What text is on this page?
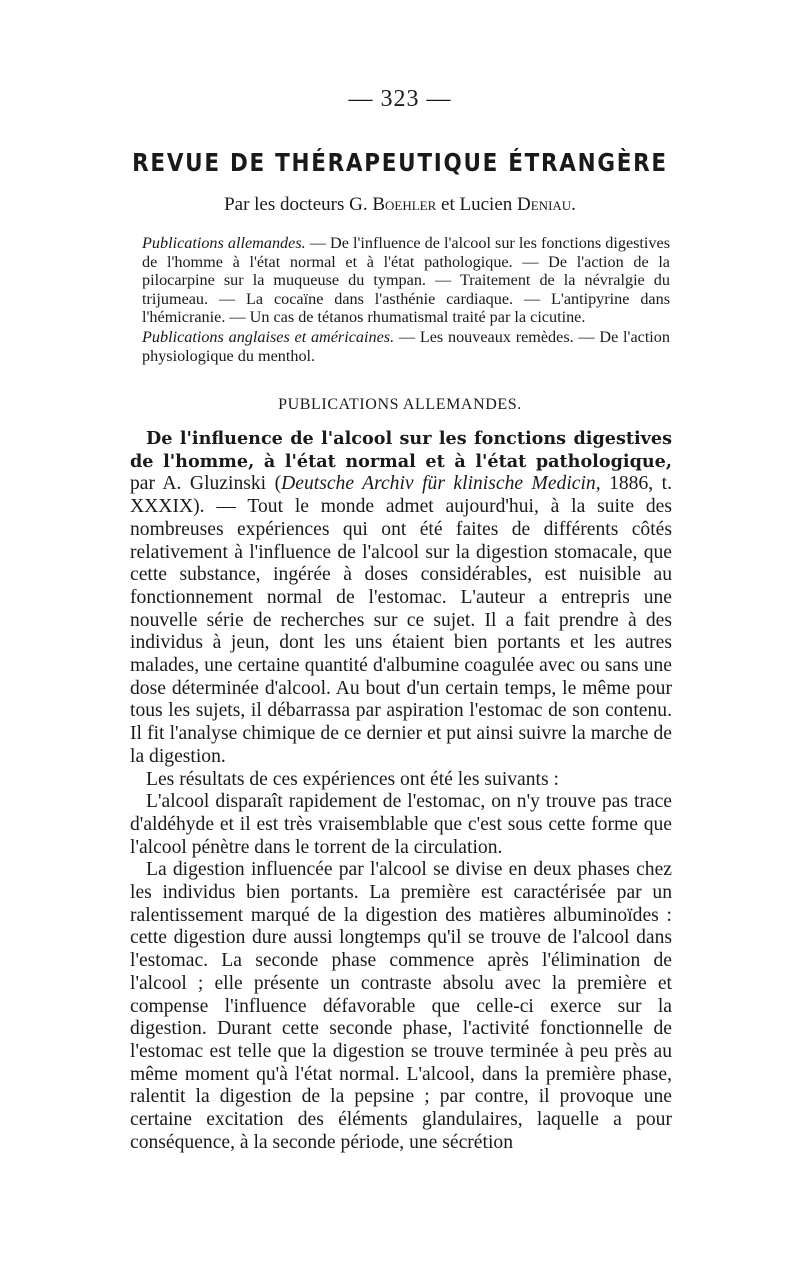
— 323 —
REVUE DE THÉRAPEUTIQUE ÉTRANGÈRE
Par les docteurs G. Boehler et Lucien Deniau.

Publications allemandes. — De l'influence de l'alcool sur les fonctions digestives de l'homme à l'état normal et à l'état pathologique. — De l'action de la pilocarpine sur la muqueuse du tympan. — Traitement de la névralgie du trijumeau. — La cocaïne dans l'asthénie cardiaque. — L'antipyrine dans l'hémicranie. — Un cas de tétanos rhumatismal traité par la cicutine.

Publications anglaises et américaines. — Les nouveaux remèdes. — De l'action physiologique du menthol.

PUBLICATIONS ALLEMANDES.

De l'influence de l'alcool sur les fonctions digestives de l'homme, à l'état normal et à l'état pathologique, par A. Gluzinski (Deutsche Archiv für klinische Medicin, 1886, t. XXXIX). — Tout le monde admet aujourd'hui, à la suite des nombreuses expériences qui ont été faites de différents côtés relativement à l'influence de l'alcool sur la digestion stomacale, que cette substance, ingérée à doses considérables, est nuisible au fonctionnement normal de l'estomac. L'auteur a entrepris une nouvelle série de recherches sur ce sujet. Il a fait prendre à des individus à jeun, dont les uns étaient bien portants et les autres malades, une certaine quantité d'albumine coagulée avec ou sans une dose déterminée d'alcool. Au bout d'un certain temps, le même pour tous les sujets, il débarrassa par aspiration l'estomac de son contenu. Il fit l'analyse chimique de ce dernier et put ainsi suivre la marche de la digestion.

Les résultats de ces expériences ont été les suivants :

L'alcool disparaît rapidement de l'estomac, on n'y trouve pas trace d'aldéhyde et il est très vraisemblable que c'est sous cette forme que l'alcool pénètre dans le torrent de la circulation.

La digestion influencée par l'alcool se divise en deux phases chez les individus bien portants. La première est caractérisée par un ralentissement marqué de la digestion des matières albuminoïdes : cette digestion dure aussi longtemps qu'il se trouve de l'alcool dans l'estomac. La seconde phase commence après l'élimination de l'alcool ; elle présente un contraste absolu avec la première et compense l'influence défavorable que celle-ci exerce sur la digestion. Durant cette seconde phase, l'activité fonctionnelle de l'estomac est telle que la digestion se trouve terminée à peu près au même moment qu'à l'état normal. L'alcool, dans la première phase, ralentit la digestion de la pepsine ; par contre, il provoque une certaine excitation des éléments glandulaires, laquelle a pour conséquence, à la seconde période, une sécrétion
